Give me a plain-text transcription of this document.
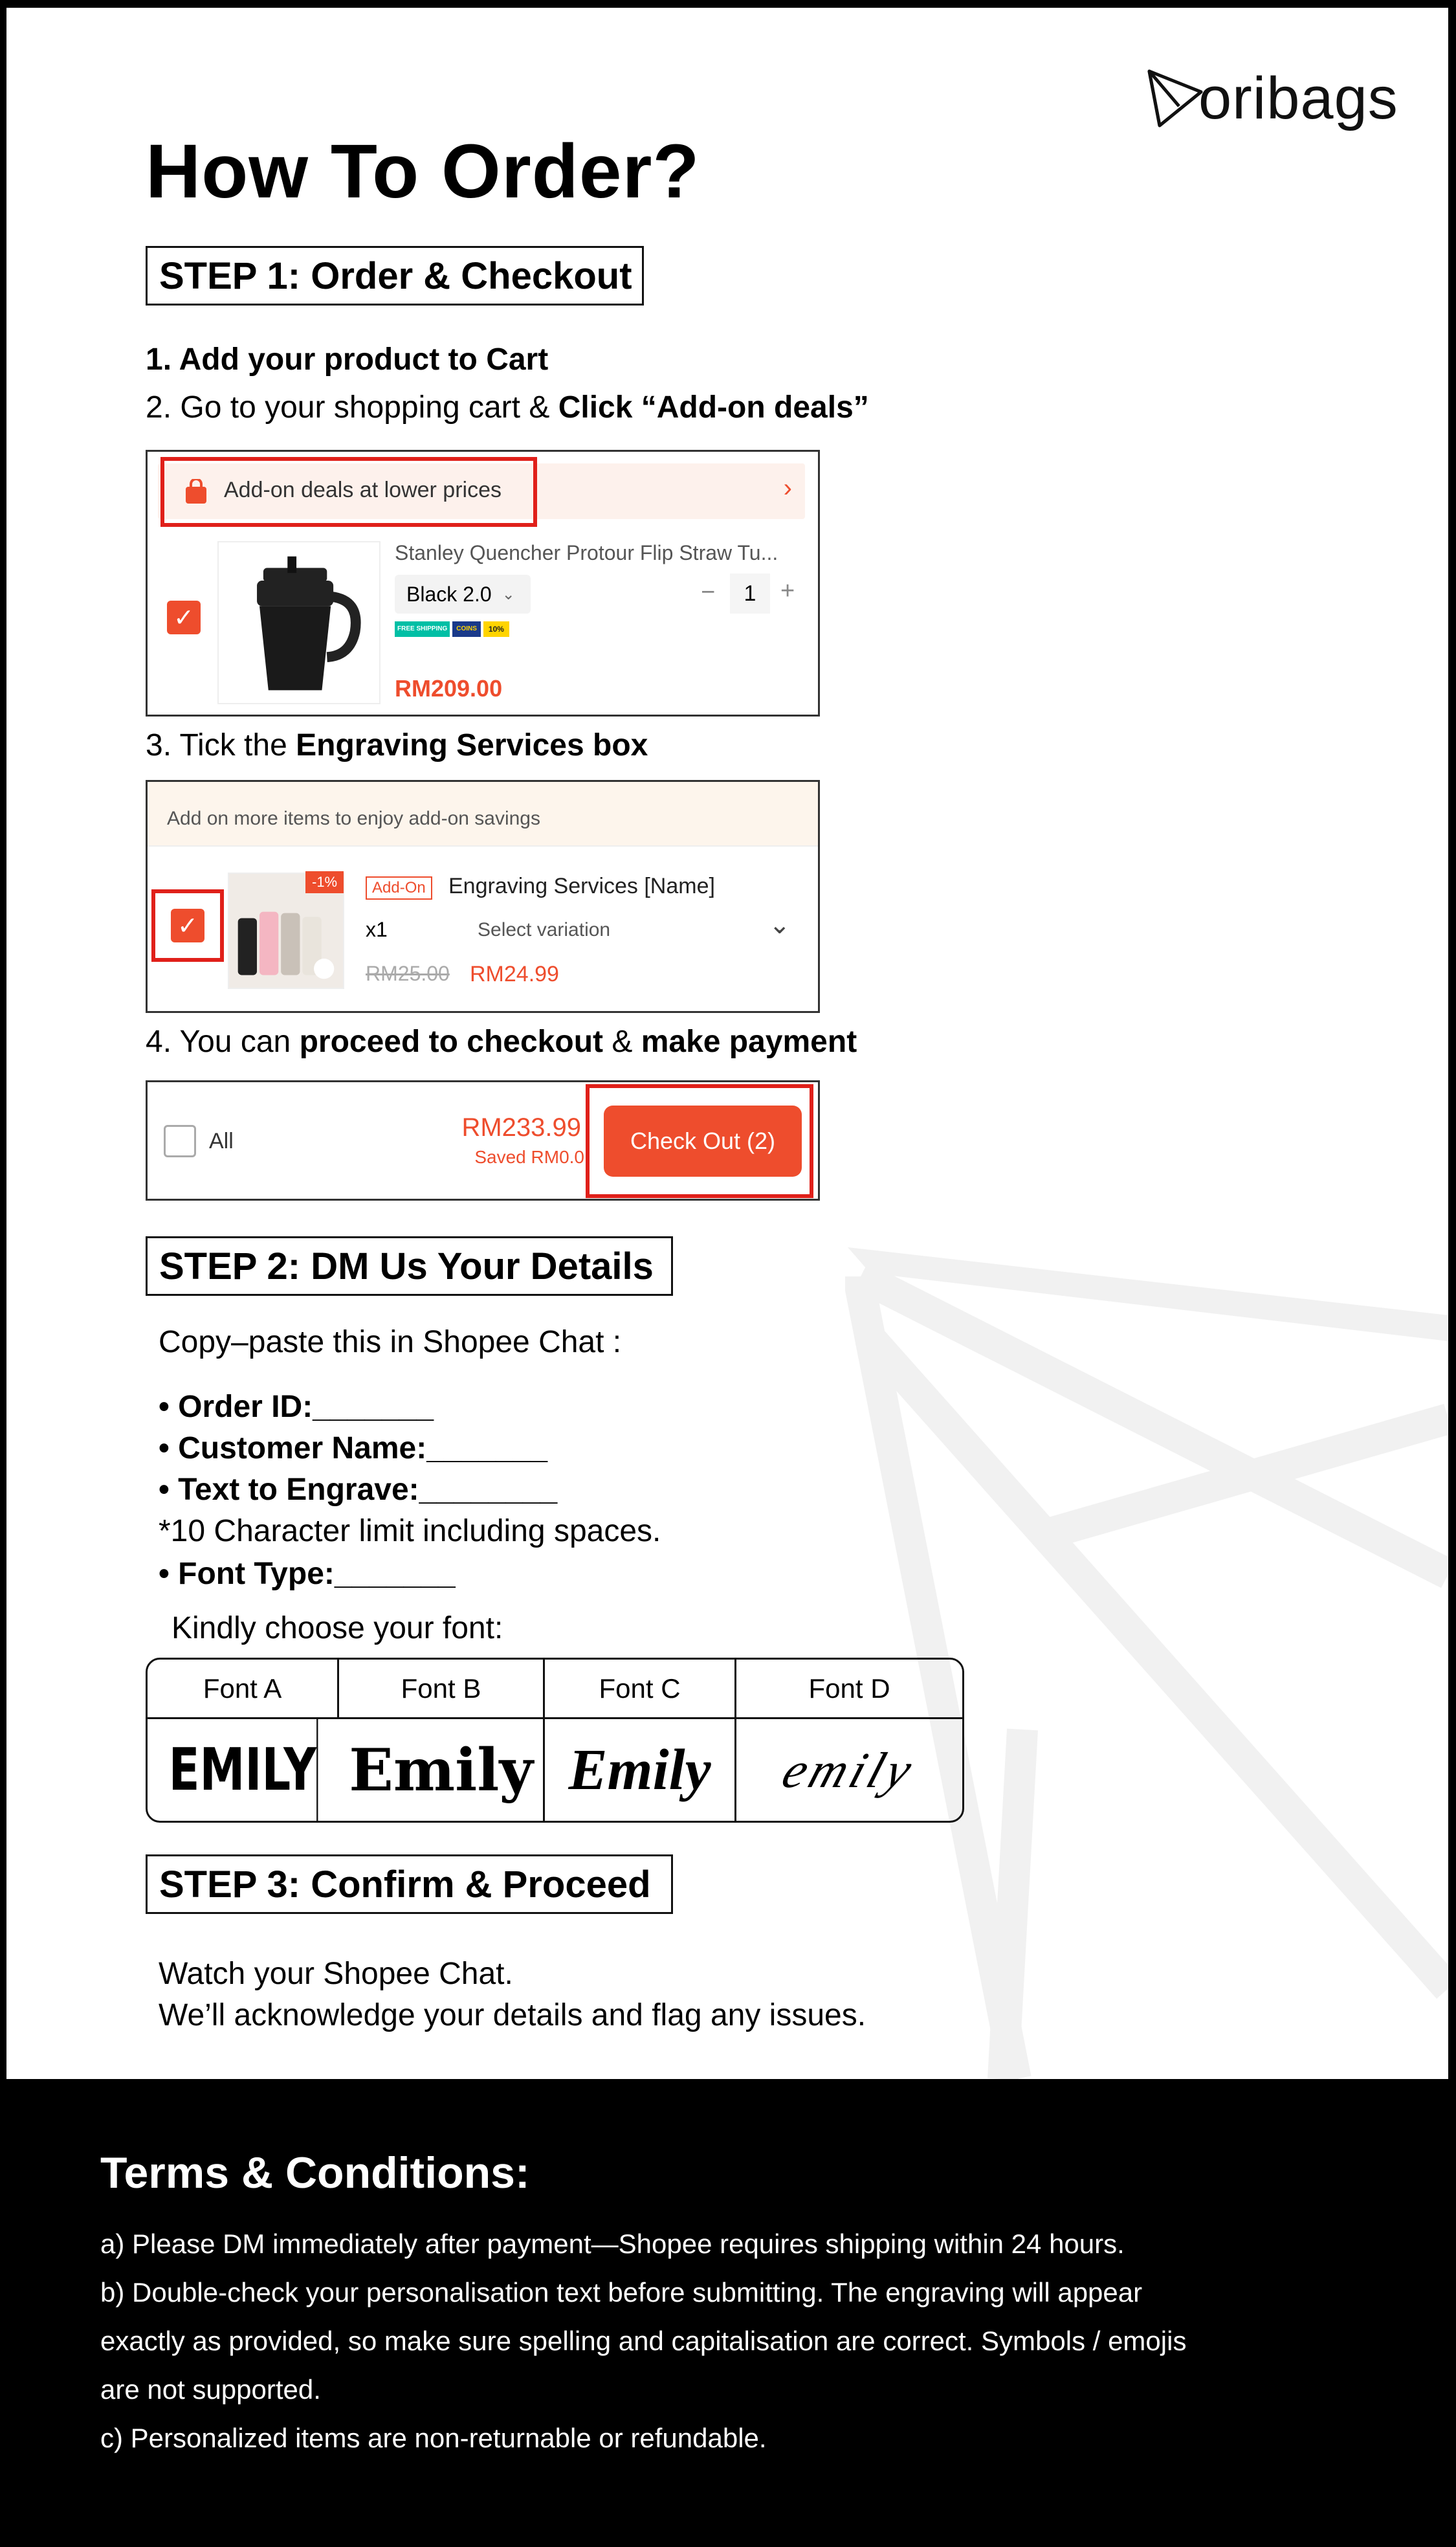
oribags
How To Order?
STEP 1: Order & Checkout
1. Add your product to Cart
2. Go to your shopping cart & Click “Add-on deals”
Add-on deals at lower prices	›
✓
Stanley Quencher Protour Flip Straw Tu...
Black 2.0 ⌄	−	1 +
FREE SHIPPING	COINS	10%
RM209.00
3. Tick the Engraving Services box
Add on more items to enjoy add-on savings
✓
-1%	Add-On Engraving Services [Name]
x1	Select variation	⌄
RM25.00 RM24.99
4. You can proceed to checkout & make payment
All	RM233.99
Saved RM0.0
Check Out (2)
STEP 2: DM Us Your Details
Copy–paste this in Shopee Chat :
• Order ID:_______
• Customer Name:_______
• Text to Engrave:________
*10 Character limit including spaces.
• Font Type:_______
Kindly choose your font:
Font A	Font B	Font C	Font D
EMILY	Emily	Emily	emily
STEP 3: Confirm & Proceed
Watch your Shopee Chat.
We’ll acknowledge your details and flag any issues.
Terms & Conditions:
a) Please DM immediately after payment—Shopee requires shipping within 24 hours.
b) Double-check your personalisation text before submitting. The engraving will appear
exactly as provided, so make sure spelling and capitalisation are correct. Symbols / emojis
are not supported.
c) Personalized items are non-returnable or refundable.
